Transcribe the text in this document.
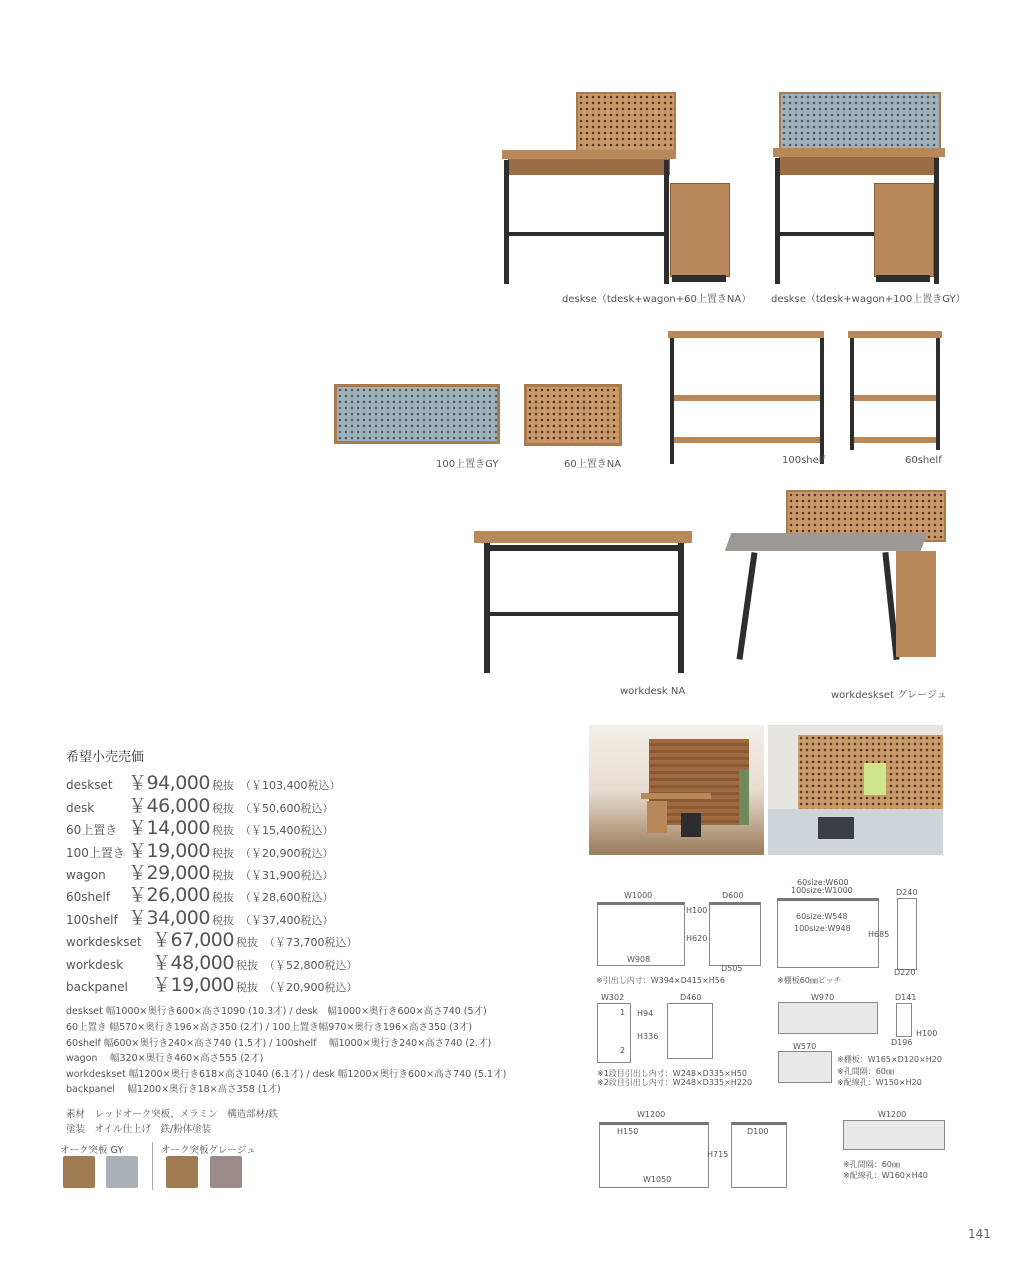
deskse（tdesk+wagon+60上置きNA） deskse（tdesk+wagon+100上置きGY）
100上置きGY	60上置きNA	100shelf	60shelf
workdesk NA	workdeskset グレージュ
希望小売売価
deskset ￥94,000 税抜 （￥103,400税込）
desk	￥46,000 税抜 （￥50,600税込）
60上置き ￥14,000 税抜 （￥15,400税込）
100上置き ￥19,000 税抜 （￥20,900税込）
wagon	￥29,000 税抜 （￥31,900税込）
60shelf ￥26,000 税抜 （￥28,600税込）
100shelf ￥34,000 税抜 （￥37,400税込）
workdeskset ￥67,000 税抜 （￥73,700税込）
workdesk	￥48,000 税抜 （￥52,800税込）
backpanel	￥19,000 税抜 （￥20,900税込）
deskset 幅1000×奥行き600×高さ1090 (10.3才) / desk　幅1000×奥行き600×高さ740 (5才)
60上置き 幅570×奥行き196×高さ350 (2才) / 100上置き幅970×奥行き196×高さ350 (3才)
60shelf 幅600×奥行き240×高さ740 (1.5才) / 100shelf　 幅1000×奥行き240×高さ740 (2.才)
wagon　 幅320×奥行き460×高さ555 (2才)
workdeskset 幅1200×奥行き618×高さ1040 (6.1才) / desk 幅1200×奥行き600×高さ740 (5.1才)
backpanel　 幅1200×奥行き18×高さ358 (1才)
素材　レッドオーク突板、メラミン　構造部材/鉄
塗装　オイル仕上げ　鉄/粉体塗装
オーク突板 GY	オーク突板グレージュ
W1000	D600
H100
H620
W908
D505
※引出し内寸：W394×D415×H56
60size:W600
100size:W1000
60size:W548
100size:W948
H685
D240
D220
※棚板60㎜ピッチ
W302	D460
1
2
H94
H336
※1段目引出し内寸：W248×D335×H50
※2段目引出し内寸：W248×D335×H220
W970
W570
D141
H100
D196
※棚板：W165×D120×H20
※孔間隔：60㎜
※配線孔：W150×H20
W1200
H150	D100
H715
W1050
W1200
※孔間隔：60㎜
※配線孔：W160×H40
141
